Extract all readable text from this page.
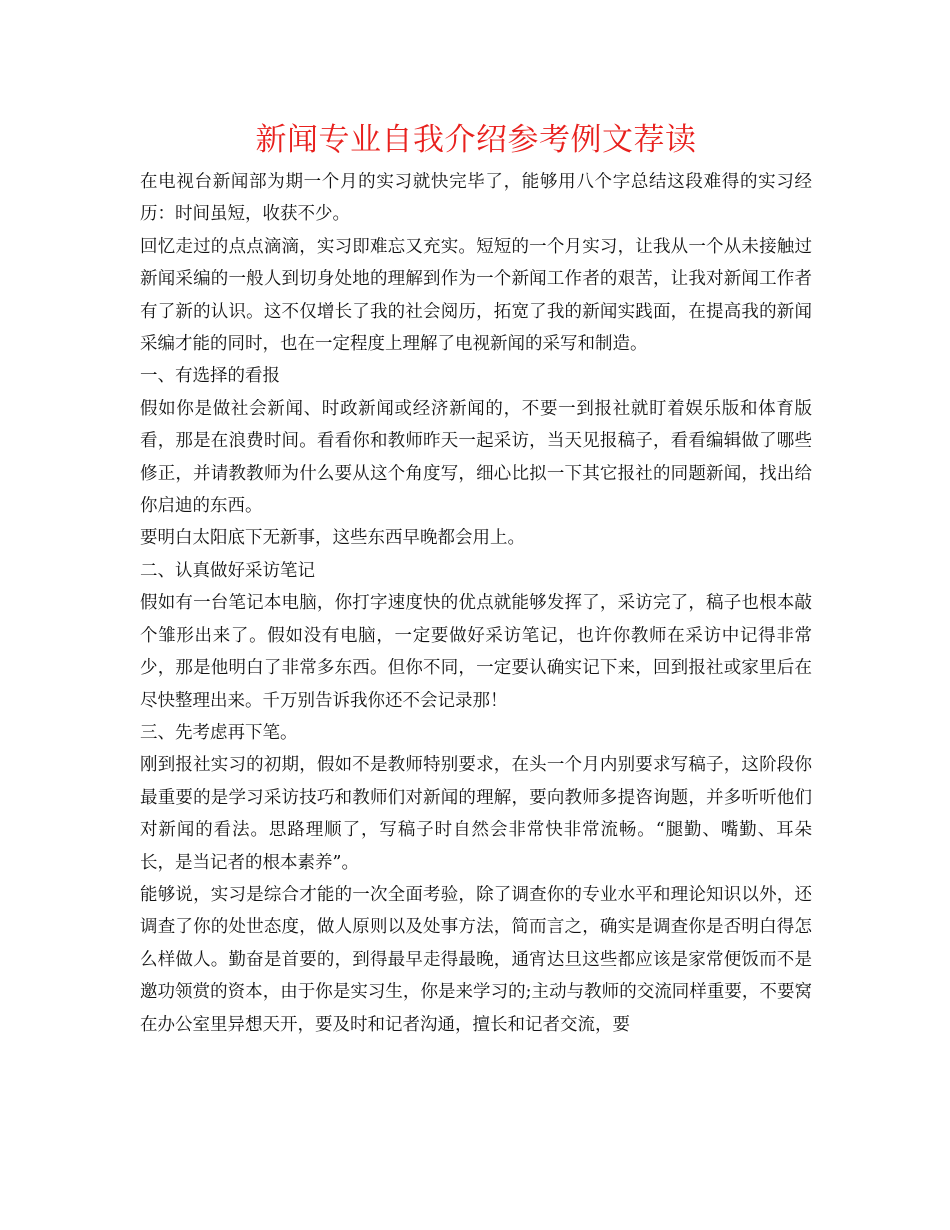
新闻专业自我介绍参考例文荐读

在电视台新闻部为期一个月的实习就快完毕了，能够用八个字总结这段难得的实习经历：时间虽短，收获不少。

回忆走过的点点滴滴，实习即难忘又充实。短短的一个月实习，让我从一个从未接触过新闻采编的一般人到切身处地的理解到作为一个新闻工作者的艰苦，让我对新闻工作者有了新的认识。这不仅增长了我的社会阅历，拓宽了我的新闻实践面，在提高我的新闻采编才能的同时，也在一定程度上理解了电视新闻的采写和制造。

一、有选择的看报

假如你是做社会新闻、时政新闻或经济新闻的，不要一到报社就盯着娱乐版和体育版看，那是在浪费时间。看看你和教师昨天一起采访，当天见报稿子，看看编辑做了哪些修正，并请教教师为什么要从这个角度写，细心比拟一下其它报社的同题新闻，找出给你启迪的东西。

要明白太阳底下无新事，这些东西早晚都会用上。

二、认真做好采访笔记

假如有一台笔记本电脑，你打字速度快的优点就能够发挥了，采访完了，稿子也根本敲个雏形出来了。假如没有电脑，一定要做好采访笔记，也许你教师在采访中记得非常少，那是他明白了非常多东西。但你不同，一定要认确实记下来，回到报社或家里后在尽快整理出来。千万别告诉我你还不会记录那！

三、先考虑再下笔。

刚到报社实习的初期，假如不是教师特别要求，在头一个月内别要求写稿子，这阶段你最重要的是学习采访技巧和教师们对新闻的理解，要向教师多提咨询题，并多听听他们对新闻的看法。思路理顺了，写稿子时自然会非常快非常流畅。“腿勤、嘴勤、耳朵长，是当记者的根本素养”。

能够说，实习是综合才能的一次全面考验，除了调查你的专业水平和理论知识以外，还调查了你的处世态度，做人原则以及处事方法，简而言之，确实是调查你是否明白得怎么样做人。勤奋是首要的，到得最早走得最晚，通宵达旦这些都应该是家常便饭而不是邀功领赏的资本，由于你是实习生，你是来学习的;主动与教师的交流同样重要，不要窝在办公室里异想天开，要及时和记者沟通，擅长和记者交流，要
